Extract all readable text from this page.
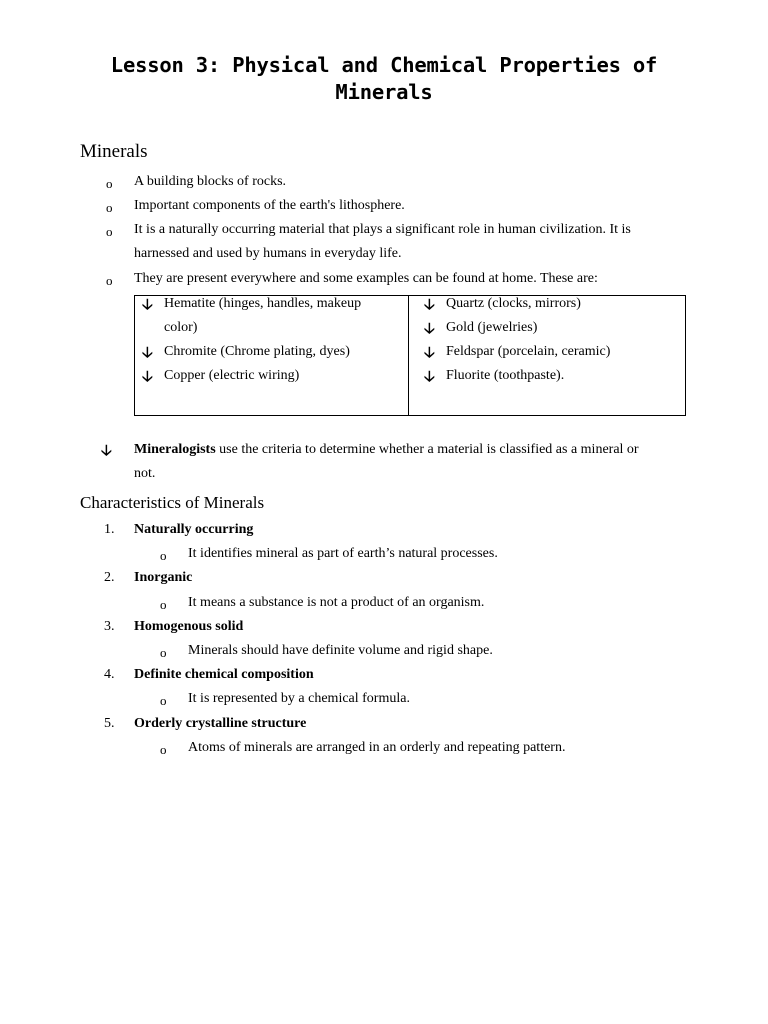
Lesson 3: Physical and Chemical Properties of
Minerals
Minerals
o A building blocks of rocks.
o Important components of the earth's lithosphere.
o It is a naturally occurring material that plays a significant role in human civilization. It is
harnessed and used by humans in everyday life.
o They are present everywhere and some examples can be found at home. These are:
🡣 Hematite (hinges, handles, makeup
color)
🡣 Chromite (Chrome plating, dyes)
🡣 Copper (electric wiring)
🡣 Quartz (clocks, mirrors)
🡣 Gold (jewelries)
🡣 Feldspar (porcelain, ceramic)
🡣 Fluorite (toothpaste).
🡣 Mineralogists use the criteria to determine whether a material is classified as a mineral or
not.
Characteristics of Minerals
1. Naturally occurring
o It identifies mineral as part of earth’s natural processes.
2. Inorganic
o It means a substance is not a product of an organism.
3. Homogenous solid
o Minerals should have definite volume and rigid shape.
4. Definite chemical composition
o It is represented by a chemical formula.
5. Orderly crystalline structure
o Atoms of minerals are arranged in an orderly and repeating pattern.
